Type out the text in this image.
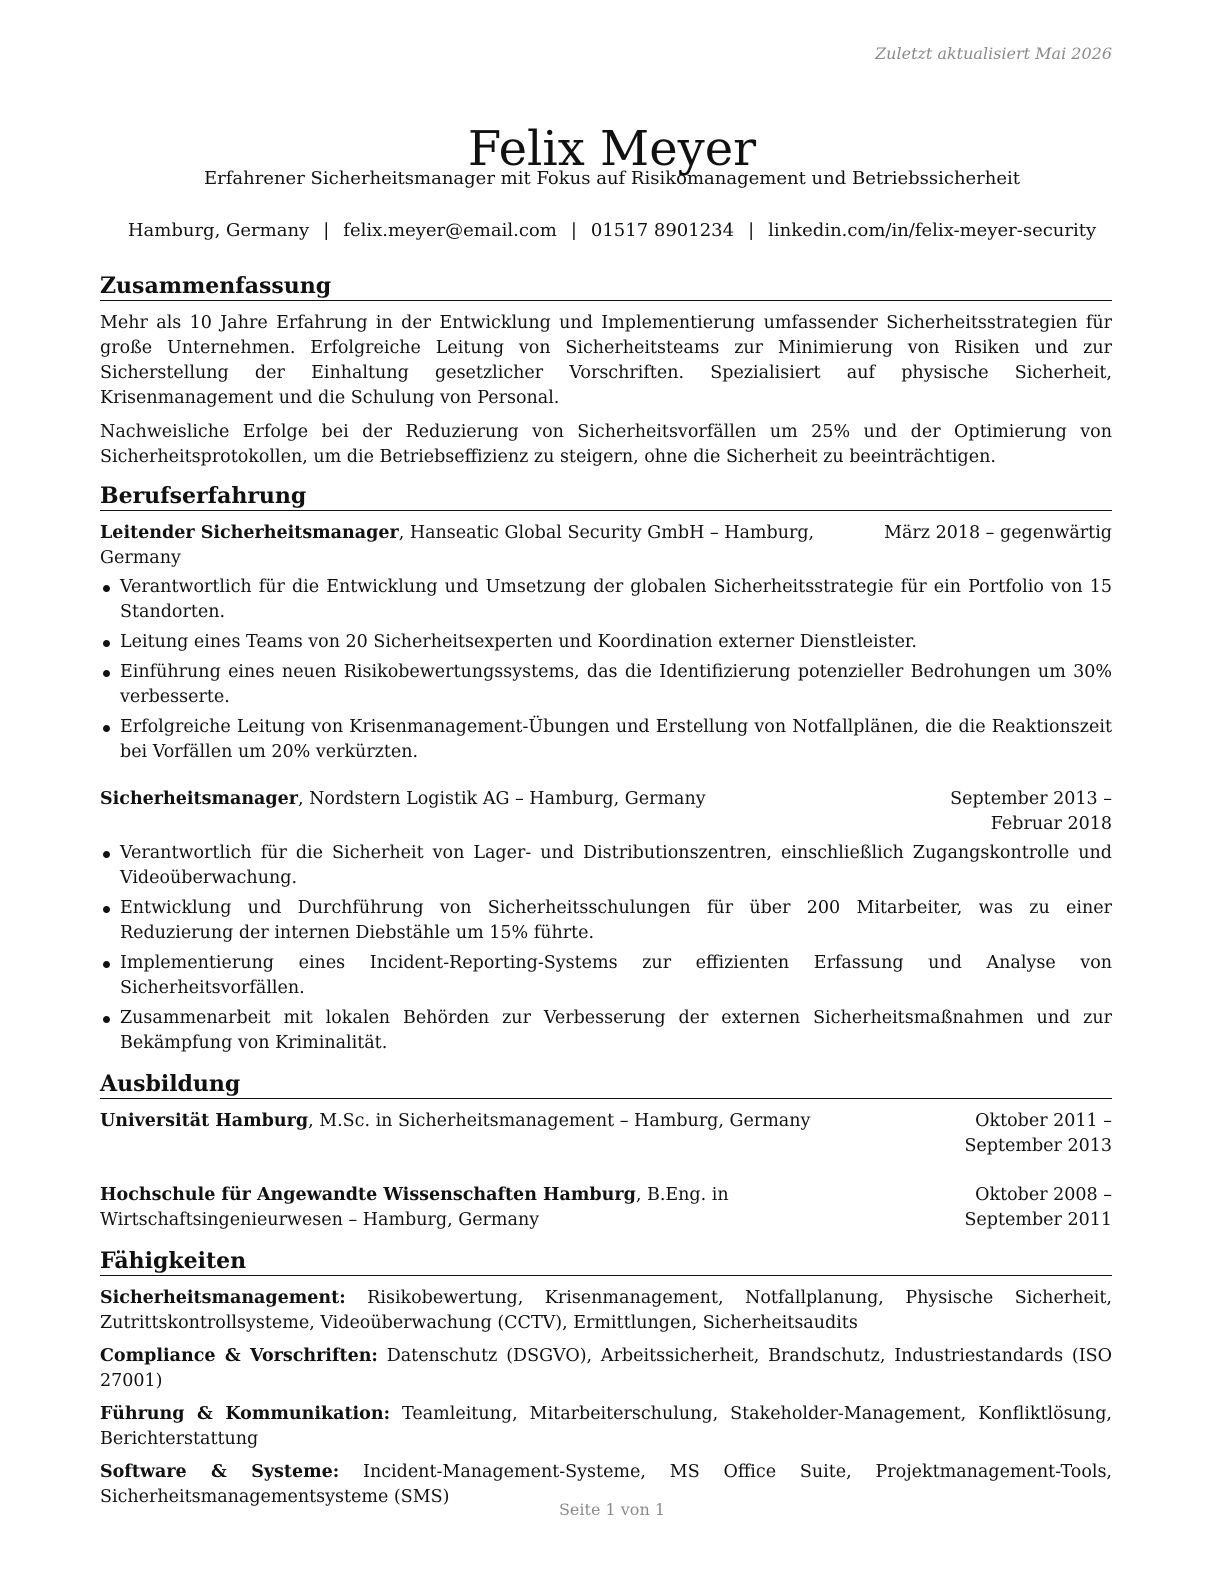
Zuletzt aktualisiert Mai 2026
Felix Meyer
Erfahrener Sicherheitsmanager mit Fokus auf Risikomanagement und Betriebssicherheit
Hamburg, Germany | felix.meyer@email.com | 01517 8901234 | linkedin.com/in/felix-meyer-security
Zusammenfassung

Mehr als 10 Jahre Erfahrung in der Entwicklung und Implementierung umfassender Sicherheitsstrategien für große Unternehmen. Erfolgreiche Leitung von Sicherheitsteams zur Minimierung von Risiken und zur Sicherstellung der Einhaltung gesetzlicher Vorschriften. Spezialisiert auf physische Sicherheit, Krisenmanagement und die Schulung von Personal.

Nachweisliche Erfolge bei der Reduzierung von Sicherheitsvorfällen um 25% und der Optimierung von Sicherheitsprotokollen, um die Betriebseffizienz zu steigern, ohne die Sicherheit zu beeinträchtigen.

Berufserfahrung
Leitender Sicherheitsmanager, Hanseatic Global Security GmbH – Hamburg, Germany
März 2018 – gegenwärtig
Verantwortlich für die Entwicklung und Umsetzung der globalen Sicherheitsstrategie für ein Portfolio von 15 Standorten.
Leitung eines Teams von 20 Sicherheitsexperten und Koordination externer Dienstleister.
Einführung eines neuen Risikobewertungssystems, das die Identifizierung potenzieller Bedrohungen um 30% verbesserte.
Erfolgreiche Leitung von Krisenmanagement-Übungen und Erstellung von Notfallplänen, die die Reaktionszeit bei Vorfällen um 20% verkürzten.
Sicherheitsmanager, Nordstern Logistik AG – Hamburg, Germany	September 2013 – Februar 2018
Verantwortlich für die Sicherheit von Lager- und Distributionszentren, einschließlich Zugangskontrolle und Videoüberwachung.
Entwicklung und Durchführung von Sicherheitsschulungen für über 200 Mitarbeiter, was zu einer Reduzierung der internen Diebstähle um 15% führte.
Implementierung eines Incident-Reporting-Systems zur effizienten Erfassung und Analyse von Sicherheitsvorfällen.
Zusammenarbeit mit lokalen Behörden zur Verbesserung der externen Sicherheitsmaßnahmen und zur Bekämpfung von Kriminalität.
Ausbildung
Universität Hamburg, M.Sc. in Sicherheitsmanagement – Hamburg, Germany	Oktober 2011 – September 2013
Hochschule für Angewandte Wissenschaften Hamburg, B.Eng. in Wirtschaftsingenieurwesen – Hamburg, Germany
Oktober 2008 – September 2011
Fähigkeiten

Sicherheitsmanagement: Risikobewertung, Krisenmanagement, Notfallplanung, Physische Sicherheit, Zutrittskontrollsysteme, Videoüberwachung (CCTV), Ermittlungen, Sicherheitsaudits

Compliance & Vorschriften: Datenschutz (DSGVO), Arbeitssicherheit, Brandschutz, Industriestandards (ISO 27001)

Führung & Kommunikation: Teamleitung, Mitarbeiterschulung, Stakeholder-Management, Konfliktlösung, Berichterstattung

Software & Systeme: Incident-Management-Systeme, MS Office Suite, Projektmanagement-Tools, Sicherheitsmanagementsysteme (SMS)

Seite 1 von 1
